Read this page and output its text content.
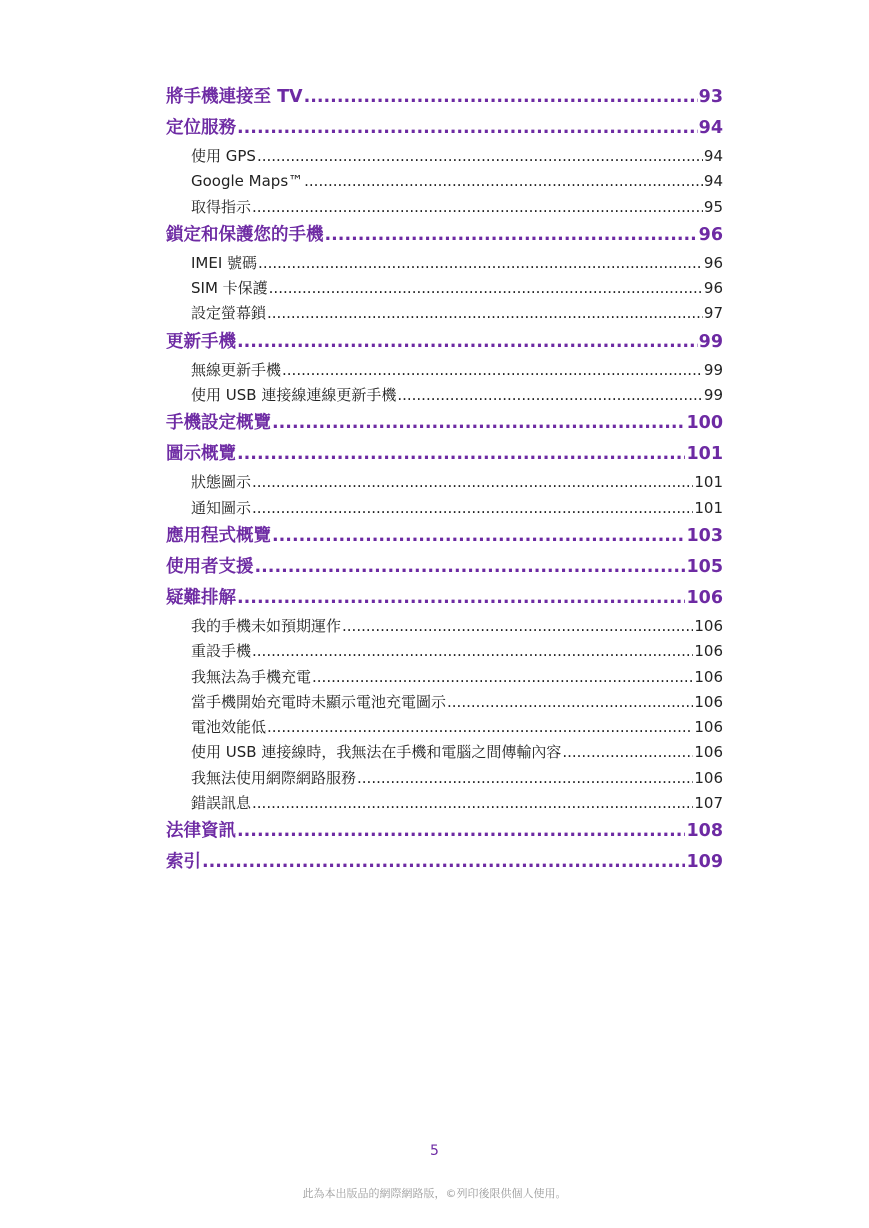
將手機連接至 TV .....	93
定位服務 .....	94
使用 GPS .....	94
Google Maps™ .....	94
取得指示 .....	95
鎖定和保護您的手機 .....	96
IMEI 號碼 .....	96
SIM 卡保護 .....	96
設定螢幕鎖 .....	97
更新手機 .....	99
無線更新手機 .....	99
使用 USB 連接線連線更新手機 .....	99
手機設定概覽 .....	100
圖示概覽 .....	101
狀態圖示 .....	101
通知圖示 .....	101
應用程式概覽 .....	103
使用者支援 .....	105
疑難排解 .....	106
我的手機未如預期運作 .....	106
重設手機 .....	106
我無法為手機充電 .....	106
當手機開始充電時未顯示電池充電圖示 .....	106
電池效能低 .....	106
使用 USB 連接線時，我無法在手機和電腦之間傳輸內容 .....	106
我無法使用網際網路服務 .....	106
錯誤訊息 .....	107
法律資訊 .....	108
索引 .....	109
5
此為本出版品的網際網路版，©列印後限供個人使用。
